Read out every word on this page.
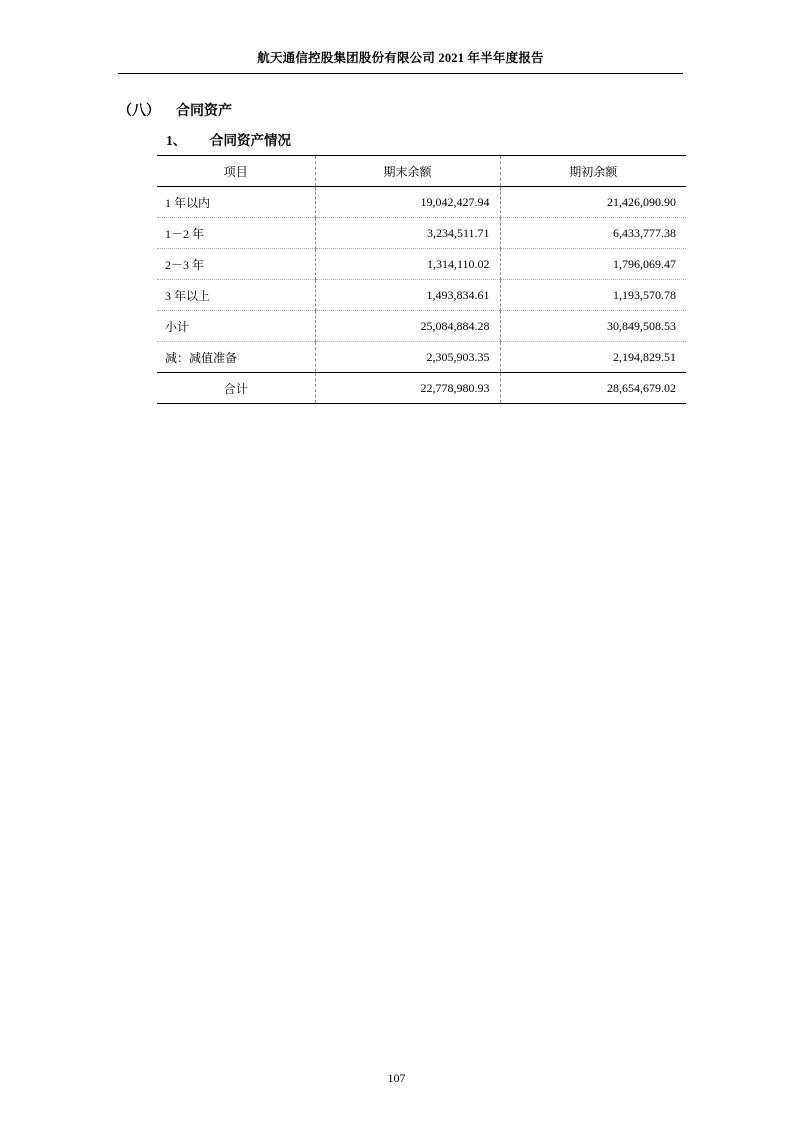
航天通信控股集团股份有限公司 2021 年半年度报告
（八） 合同资产
1、 合同资产情况
项目	期末余额	期初余额
1 年以内	19,042,427.94	21,426,090.90
1－2 年	3,234,511.71	6,433,777.38
2－3 年	1,314,110.02	1,796,069.47
3 年以上	1,493,834.61	1,193,570.78
小计	25,084,884.28	30,849,508.53
减：减值准备	2,305,903.35	2,194,829.51
合计	22,778,980.93	28,654,679.02
107
